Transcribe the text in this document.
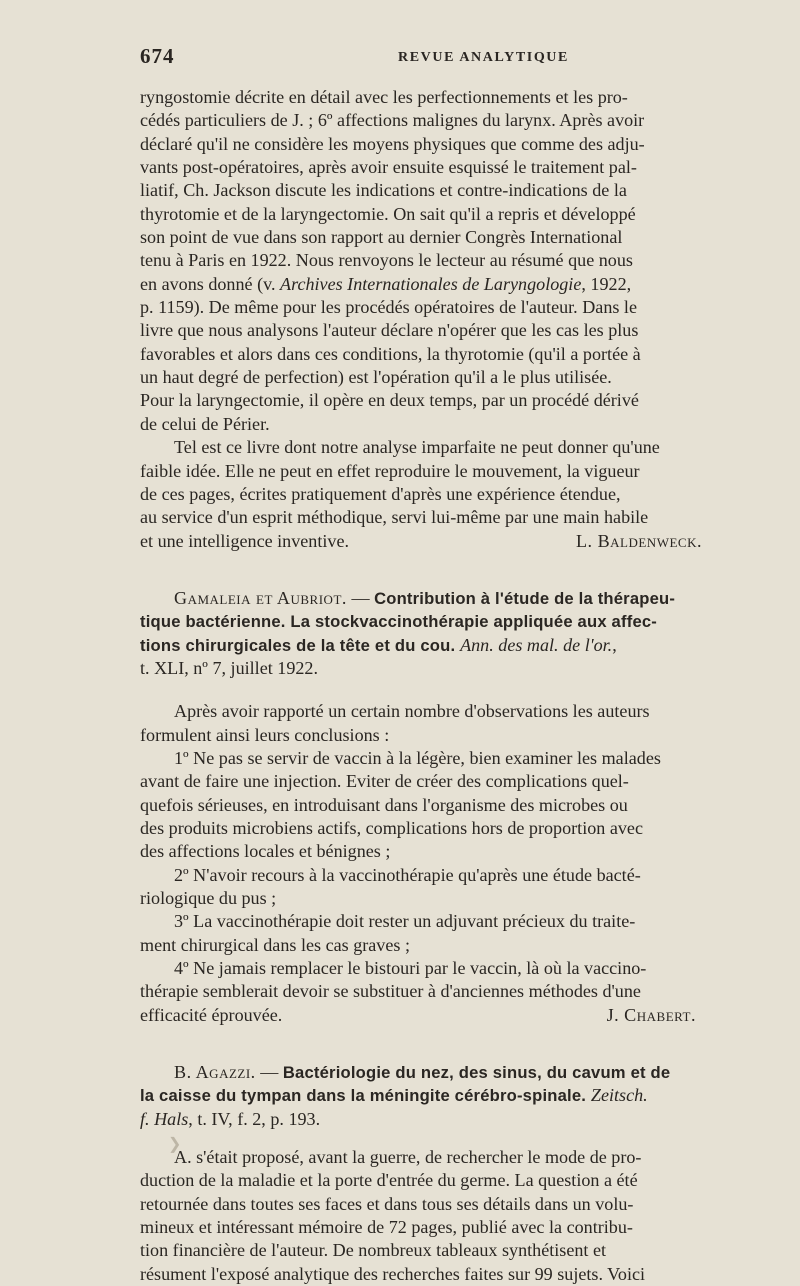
674	REVUE ANALYTIQUE

ryngostomie décrite en détail avec les perfectionnements et les pro-

cédés particuliers de J. ; 6º affections malignes du larynx. Après avoir

déclaré qu'il ne considère les moyens physiques que comme des adju-

vants post-opératoires, après avoir ensuite esquissé le traitement pal-

liatif, Ch. Jackson discute les indications et contre-indications de la

thyrotomie et de la laryngectomie. On sait qu'il a repris et développé

son point de vue dans son rapport au dernier Congrès International

tenu à Paris en 1922. Nous renvoyons le lecteur au résumé que nous

en avons donné (v. Archives Internationales de Laryngologie, 1922,

p. 1159). De même pour les procédés opératoires de l'auteur. Dans le

livre que nous analysons l'auteur déclare n'opérer que les cas les plus

favorables et alors dans ces conditions, la thyrotomie (qu'il a portée à

un haut degré de perfection) est l'opération qu'il a le plus utilisée.

Pour la laryngectomie, il opère en deux temps, par un procédé dérivé

de celui de Périer.

Tel est ce livre dont notre analyse imparfaite ne peut donner qu'une

faible idée. Elle ne peut en effet reproduire le mouvement, la vigueur

de ces pages, écrites pratiquement d'après une expérience étendue,

au service d'un esprit méthodique, servi lui-même par une main habile

et une intelligence inventive.	L. Baldenweck.

Gamaleia et Aubriot. — Contribution à l'étude de la thérapeu-

tique bactérienne. La stockvaccinothérapie appliquée aux affec-

tions chirurgicales de la tête et du cou. Ann. des mal. de l'or.,

t. XLI, nº 7, juillet 1922.

Après avoir rapporté un certain nombre d'observations les auteurs

formulent ainsi leurs conclusions :

1º Ne pas se servir de vaccin à la légère, bien examiner les malades

avant de faire une injection. Eviter de créer des complications quel-

quefois sérieuses, en introduisant dans l'organisme des microbes ou

des produits microbiens actifs, complications hors de proportion avec

des affections locales et bénignes ;

2º N'avoir recours à la vaccinothérapie qu'après une étude bacté-

riologique du pus ;

3º La vaccinothérapie doit rester un adjuvant précieux du traite-

ment chirurgical dans les cas graves ;

4º Ne jamais remplacer le bistouri par le vaccin, là où la vaccino-

thérapie semblerait devoir se substituer à d'anciennes méthodes d'une

efficacité éprouvée.	J. Chabert.

B. Agazzi. — Bactériologie du nez, des sinus, du cavum et de

la caisse du tympan dans la méningite cérébro-spinale. Zeitsch.

f. Hals, t. IV, f. 2, p. 193.

A. s'était proposé, avant la guerre, de rechercher le mode de pro-

duction de la maladie et la porte d'entrée du germe. La question a été

retournée dans toutes ses faces et dans tous ses détails dans un volu-

mineux et intéressant mémoire de 72 pages, publié avec la contribu-

tion financière de l'auteur. De nombreux tableaux synthétisent et

résument l'exposé analytique des recherches faites sur 99 sujets. Voici

❯
